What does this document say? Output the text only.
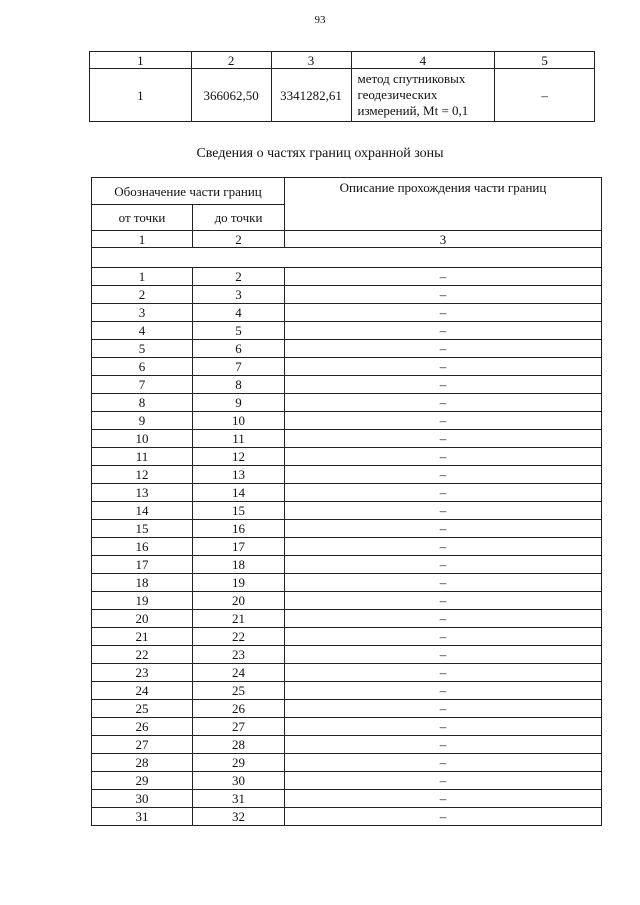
93
1	2	3	4	5
1	366062,50	3341282,61	метод спутниковых
геодезических
измерений, Mt = 0,1	–
Сведения о частях границ охранной зоны
Обозначение части границ		Описание прохождения части границ
от точки	до точки	
1	2	3

1	2	–
2	3	–
3	4	–
4	5	–
5	6	–
6	7	–
7	8	–
8	9	–
9	10	–
10	11	–
11	12	–
12	13	–
13	14	–
14	15	–
15	16	–
16	17	–
17	18	–
18	19	–
19	20	–
20	21	–
21	22	–
22	23	–
23	24	–
24	25	–
25	26	–
26	27	–
27	28	–
28	29	–
29	30	–
30	31	–
31	32	–
